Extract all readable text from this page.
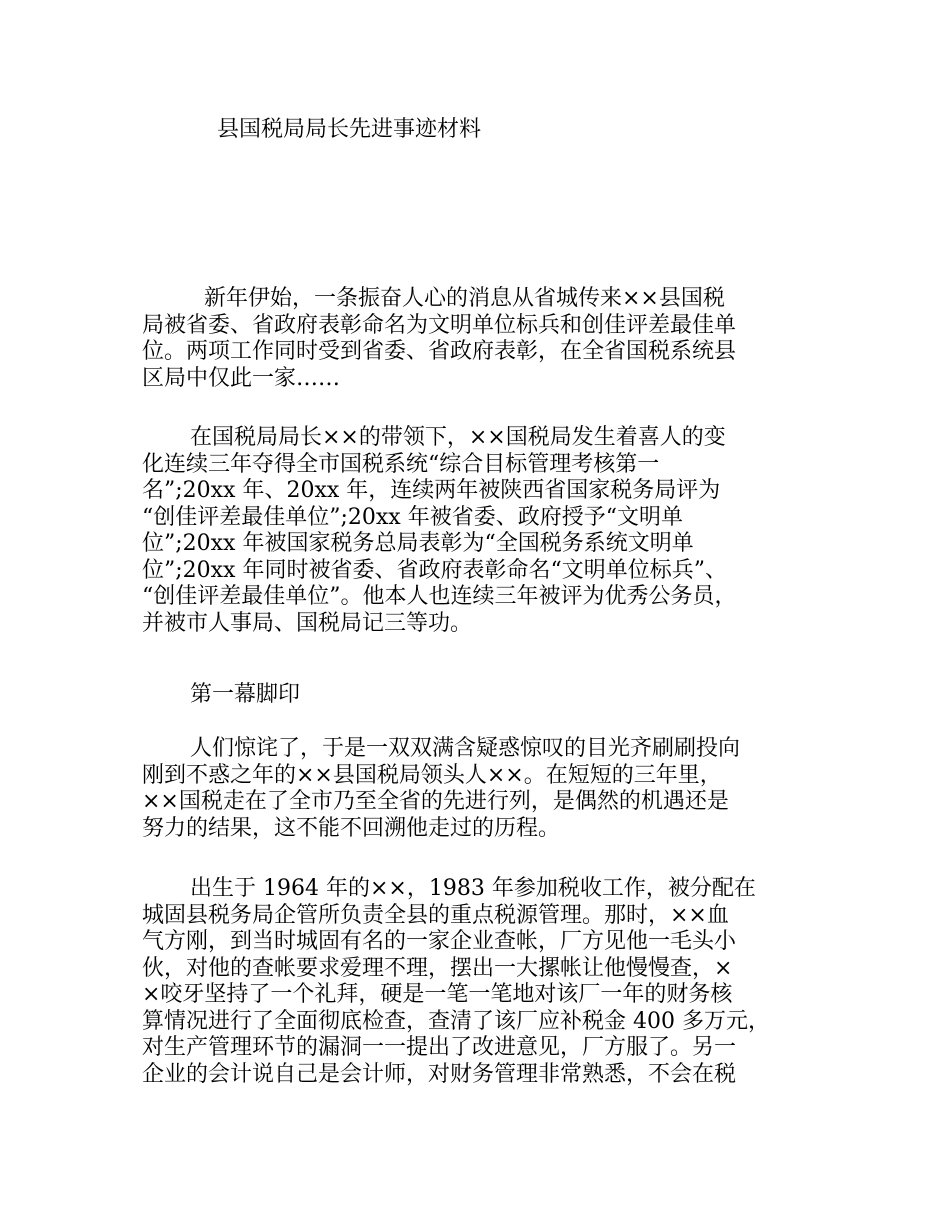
县国税局局长先进事迹材料
新年伊始，一条振奋人心的消息从省城传来××县国税
局被省委、省政府表彰命名为文明单位标兵和创佳评差最佳单
位。两项工作同时受到省委、省政府表彰，在全省国税系统县
区局中仅此一家……
在国税局局长××的带领下，××国税局发生着喜人的变
化连续三年夺得全市国税系统“综合目标管理考核第一
名”;20xx 年、20xx 年，连续两年被陕西省国家税务局评为
“创佳评差最佳单位”;20xx 年被省委、政府授予“文明单
位”;20xx 年被国家税务总局表彰为“全国税务系统文明单
位”;20xx 年同时被省委、省政府表彰命名“文明单位标兵”、
“创佳评差最佳单位”。他本人也连续三年被评为优秀公务员，
并被市人事局、国税局记三等功。
第一幕脚印
人们惊诧了，于是一双双满含疑惑惊叹的目光齐刷刷投向
刚到不惑之年的××县国税局领头人××。在短短的三年里，
××国税走在了全市乃至全省的先进行列，是偶然的机遇还是
努力的结果，这不能不回溯他走过的历程。
出生于 1964 年的××，1983 年参加税收工作，被分配在
城固县税务局企管所负责全县的重点税源管理。那时，××血
气方刚，到当时城固有名的一家企业查帐，厂方见他一毛头小
伙，对他的查帐要求爱理不理，摆出一大摞帐让他慢慢查，×
×咬牙坚持了一个礼拜，硬是一笔一笔地对该厂一年的财务核
算情况进行了全面彻底检查，查清了该厂应补税金 400 多万元，
对生产管理环节的漏洞一一提出了改进意见，厂方服了。另一
企业的会计说自己是会计师，对财务管理非常熟悉，不会在税
